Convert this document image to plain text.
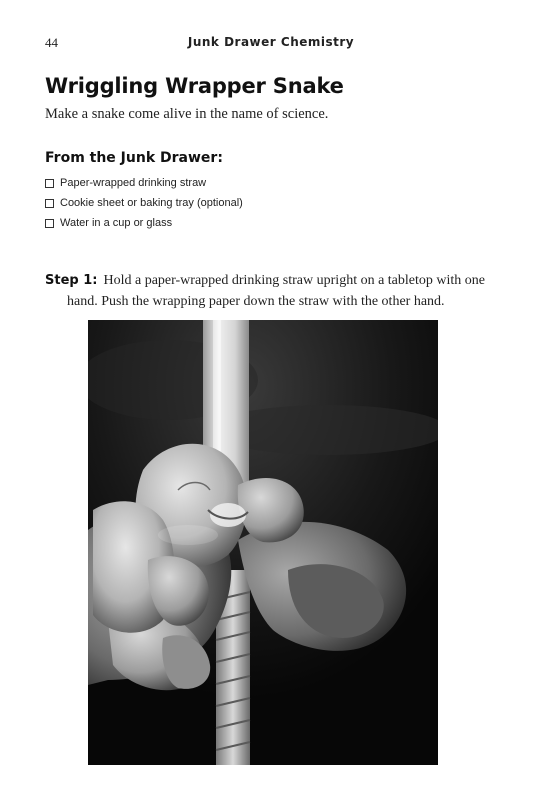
44	Junk Drawer Chemistry
Wriggling Wrapper Snake
Make a snake come alive in the name of science.
From the Junk Drawer:
Paper-wrapped drinking straw
Cookie sheet or baking tray (optional)
Water in a cup or glass

Step 1: Hold a paper-wrapped drinking straw upright on a tabletop with one hand. Push the wrapping paper down the straw with the other hand.
